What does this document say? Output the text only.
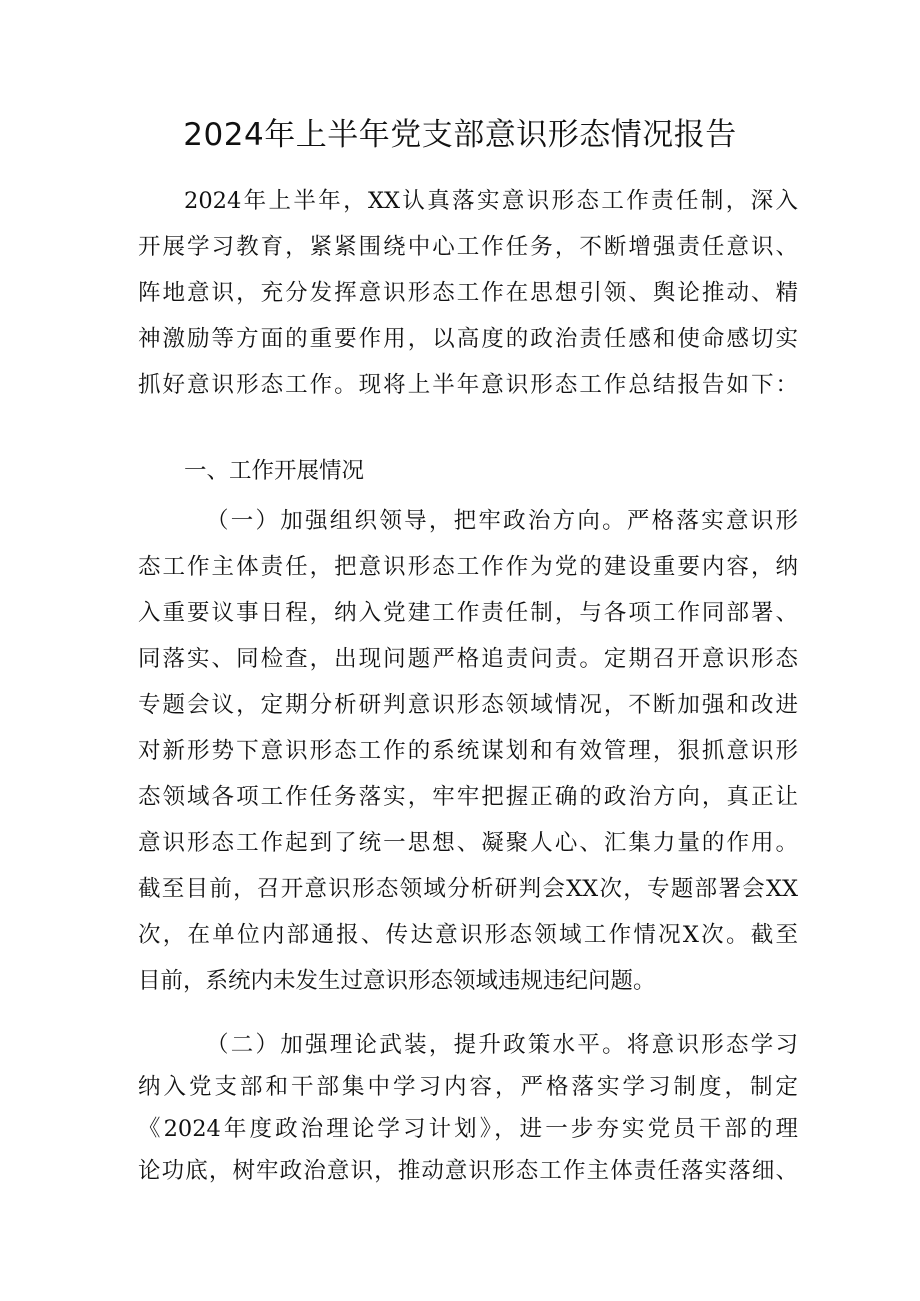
2024年上半年党支部意识形态情况报告
2024年上半年，XX认真落实意识形态工作责任制，深入
开展学习教育，紧紧围绕中心工作任务，不断增强责任意识、
阵地意识，充分发挥意识形态工作在思想引领、舆论推动、精
神激励等方面的重要作用，以高度的政治责任感和使命感切实
抓好意识形态工作。现将上半年意识形态工作总结报告如下：
一、工作开展情况
（一）加强组织领导，把牢政治方向。严格落实意识形
态工作主体责任，把意识形态工作作为党的建设重要内容，纳
入重要议事日程，纳入党建工作责任制，与各项工作同部署、
同落实、同检查，出现问题严格追责问责。定期召开意识形态
专题会议，定期分析研判意识形态领域情况，不断加强和改进
对新形势下意识形态工作的系统谋划和有效管理，狠抓意识形
态领域各项工作任务落实，牢牢把握正确的政治方向，真正让
意识形态工作起到了统一思想、凝聚人心、汇集力量的作用。
截至目前，召开意识形态领域分析研判会XX次，专题部署会XX
次，在单位内部通报、传达意识形态领域工作情况X次。截至
目前，系统内未发生过意识形态领域违规违纪问题。
（二）加强理论武装，提升政策水平。将意识形态学习
纳入党支部和干部集中学习内容，严格落实学习制度，制定
《2024年度政治理论学习计划》，进一步夯实党员干部的理
论功底，树牢政治意识，推动意识形态工作主体责任落实落细、
